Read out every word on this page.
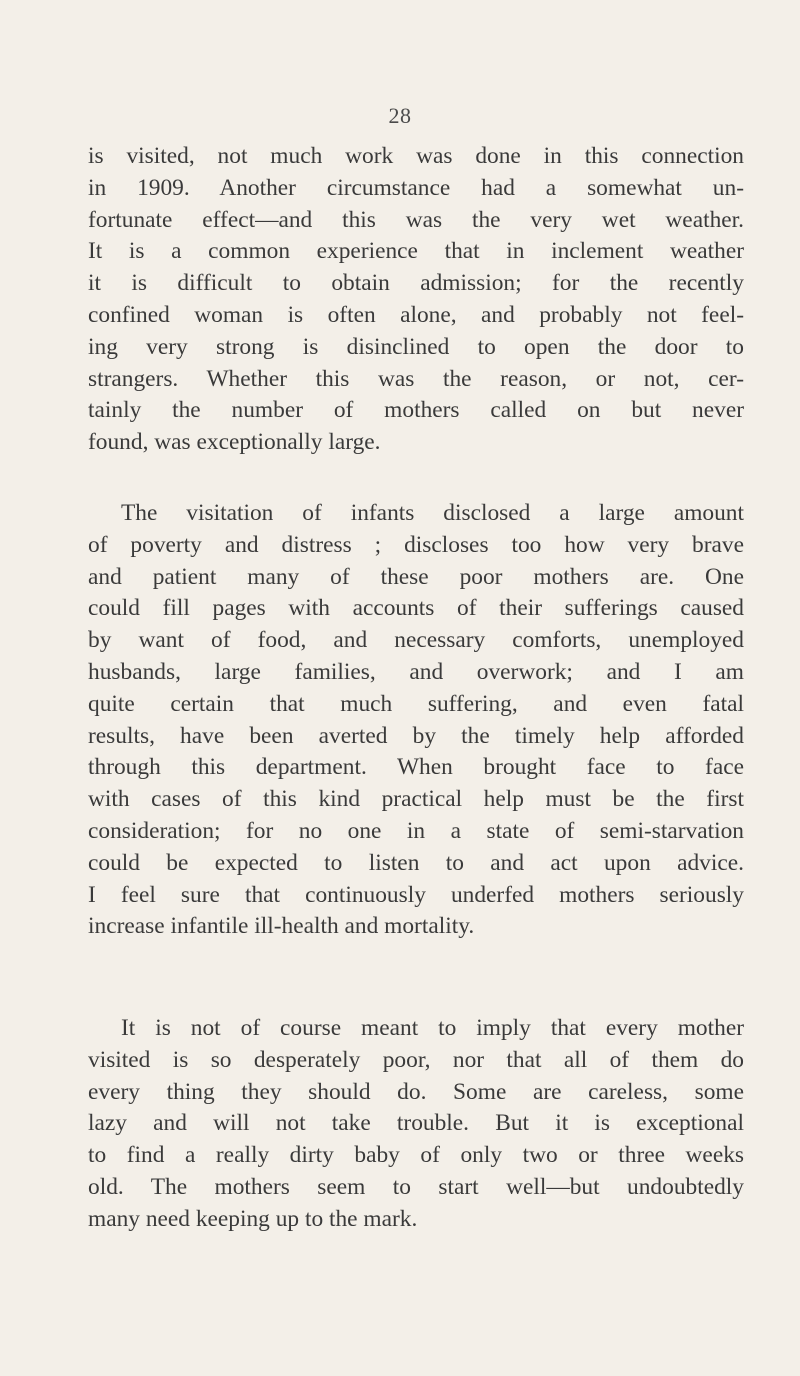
28
is visited, not much work was done in this connection
in 1909. Another circumstance had a somewhat un-
fortunate effect—and this was the very wet weather.
It is a common experience that in inclement weather
it is difficult to obtain admission; for the recently
confined woman is often alone, and probably not feel-
ing very strong is disinclined to open the door to
strangers. Whether this was the reason, or not, cer-
tainly the number of mothers called on but never
found, was exceptionally large.
The visitation of infants disclosed a large amount
of poverty and distress ; discloses too how very brave
and patient many of these poor mothers are. One
could fill pages with accounts of their sufferings caused
by want of food, and necessary comforts, unemployed
husbands, large families, and overwork; and I am
quite certain that much suffering, and even fatal
results, have been averted by the timely help afforded
through this department. When brought face to face
with cases of this kind practical help must be the first
consideration; for no one in a state of semi-starvation
could be expected to listen to and act upon advice.
I feel sure that continuously underfed mothers seriously
increase infantile ill-health and mortality.
It is not of course meant to imply that every mother
visited is so desperately poor, nor that all of them do
every thing they should do. Some are careless, some
lazy and will not take trouble. But it is exceptional
to find a really dirty baby of only two or three weeks
old. The mothers seem to start well—but undoubtedly
many need keeping up to the mark.
